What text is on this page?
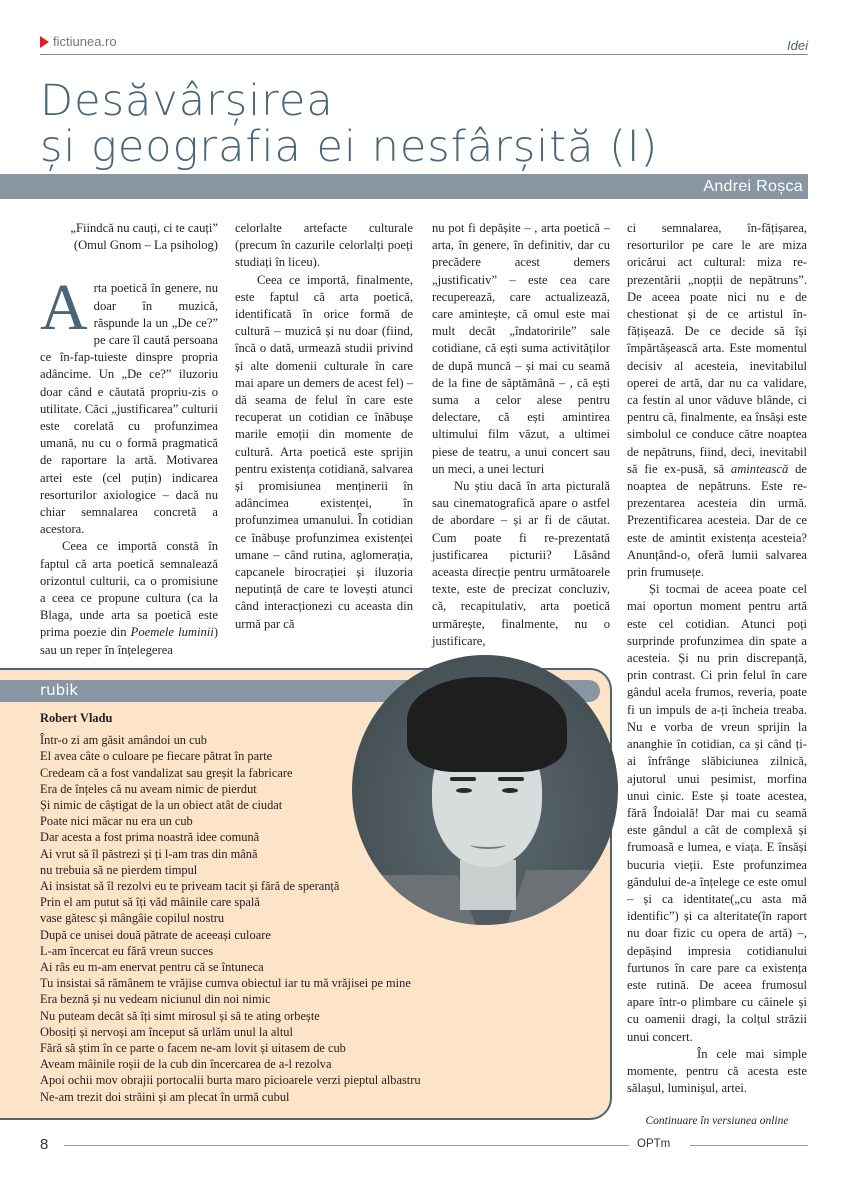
fictiunea.ro	Idei
Desăvârșirea
și geografia ei nesfârșită (I)
Andrei Roșca

„Fiindcă nu cauți, ci te cauți”
(Omul Gnom – La psiholog)

Arta poetică în genere, nu doar în muzică, răspunde la un „De ce?” pe care îl caută persoana ce în-fap-tuieste dinspre propria adâncime. Un „De ce?” iluzoriu doar când e căutată propriu-zis o utilitate. Căci „justificarea” culturii este corelată cu profunzimea umană, nu cu o formă pragmatică de raportare la artă. Motivarea artei este (cel puțin) indicarea resorturilor axiologice – dacă nu chiar semnalarea concretă a acestora.

Ceea ce importă constă în faptul că arta poetică semnalează orizontul culturii, ca o promisiune a ceea ce propune cultura (ca la Blaga, unde arta sa poetică este prima poezie din Poemele luminii) sau un reper în înțelegerea

celorlalte artefacte culturale (precum în cazurile celorlalți poeți studiați în liceu).

Ceea ce importă, finalmente, este faptul că arta poetică, identificată în orice formă de cultură – muzică și nu doar (fiind, încă o dată, urmează studii privind și alte domenii culturale în care mai apare un demers de acest fel) – dă seama de felul în care este recuperat un cotidian ce înăbușe marile emoții din momente de cultură. Arta poetică este sprijin pentru existența cotidiană, salvarea și promisiunea menținerii în adâncimea existenței, în profunzimea umanului. În cotidian ce înăbușe profunzimea existenței umane – când rutina, aglomerația, capcanele birocrației și iluzoria neputință de care te lovești atunci când interacționezi cu aceasta din urmă par că

nu pot fi depășite – , arta poetică – arta, în genere, în definitiv, dar cu precădere acest demers „justificativ” – este cea care recuperează, care actualizează, care amintește, că omul este mai mult decât „îndatoririle” sale cotidiane, că ești suma activităților de după muncă – și mai cu seamă de la fine de săptămână – , că ești suma a celor alese pentru delectare, că ești amintirea ultimului film văzut, a ultimei piese de teatru, a unui concert sau un meci, a unei lecturi

Nu știu dacă în arta picturală sau cinematografică apare o astfel de abordare – și ar fi de căutat. Cum poate fi re-prezentată justificarea picturii? Lăsând aceasta direcție pentru următoarele texte, este de precizat concluziv, că, recapitulativ, arta poetică urmărește, finalmente, nu o justificare,

ci semnalarea, în-fățișarea, resorturilor pe care le are miza oricărui act cultural: miza re-prezentării „nopții de nepătruns”. De aceea poate nici nu e de chestionat și de ce artistul în-fățișează. De ce decide să își împărtășească arta. Este momentul decisiv al acesteia, inevitabilul operei de artă, dar nu ca validare, ca festin al unor văduve blânde, ci pentru că, finalmente, ea însăși este simbolul ce conduce către noaptea de nepătruns, fiind, deci, inevitabil să fie ex-pusă, să amintească de noaptea de nepătruns. Este re-prezentarea acesteia din urmă. Prezentificarea acesteia. Dar de ce este de amintit existența acesteia? Anunțând-o, oferă lumii salvarea prin frumusețe.

Și tocmai de aceea poate cel mai oportun moment pentru artă este cel cotidian. Atunci poți surprinde profunzimea din spate a acesteia. Și nu prin discrepanță, prin contrast. Ci prin felul în care gândul acela frumos, reveria, poate fi un impuls de a-ți încheia treaba. Nu e vorba de vreun sprijin la ananghie în cotidian, ca și când ți-ai înfrânge slăbiciunea zilnică, ajutorul unui pesimist, morfina unui cinic. Este și toate acestea, fără Îndoială! Dar mai cu seamă este gândul a cât de complexă și frumoasă e lumea, e viața. E însăși bucuria vieții. Este profunzimea gândului de-a înțelege ce este omul – și ca identitate(„cu asta mă identific”) și ca alteritate(în raport nu doar fizic cu opera de artă) –, depășind impresia cotidianului furtunos în care pare ca existența este rutină. De aceea frumosul apare într-o plimbare cu câinele și cu oamenii dragi, la colțul străzii unui concert.

În cele mai simple momente, pentru că acesta este sălașul, luminișul, artei.

Continuare în versiunea online

rubik
Robert Vladu
Într-o zi am găsit amândoi un cub
El avea câte o culoare pe fiecare pătrat în parte
Credeam că a fost vandalizat sau greșit la fabricare
Era de înțeles că nu aveam nimic de pierdut
Și nimic de câștigat de la un obiect atât de ciudat
Poate nici măcar nu era un cub
Dar acesta a fost prima noastră idee comună
Ai vrut să îl păstrezi și ți l-am tras din mână
nu trebuia să ne pierdem timpul
Ai insistat să îl rezolvi eu te priveam tacit și fără de speranță
Prin el am putut să îți văd mâinile care spală
vase gătesc și mângâie copilul nostru
După ce unisei două pătrate de aceeași culoare
L-am încercat eu fără vreun succes
Ai râs eu m-am enervat pentru că se întuneca
Tu insistai să rămânem te vrăjise cumva obiectul iar tu mă vrăjisei pe mine
Era beznă și nu vedeam niciunul din noi nimic
Nu puteam decât să îți simt mirosul și să te ating orbește
Obosiți și nervoși am început să urlăm unul la altul
Fără să știm în ce parte o facem ne-am lovit și uitasem de cub
Aveam mâinile roșii de la cub din încercarea de a-l rezolva
Apoi ochii mov obrajii portocalii burta maro picioarele verzi pieptul albastru
Ne-am trezit doi străini și am plecat în urmă cubul
8	OPTm
